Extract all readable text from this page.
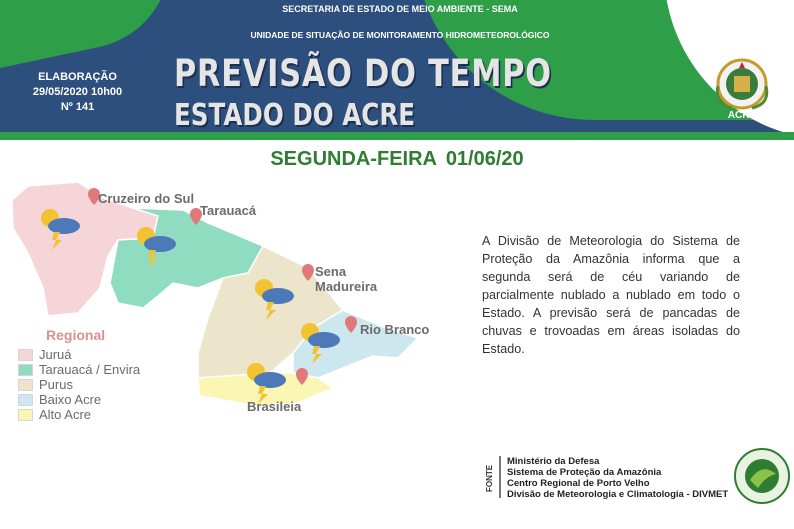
SECRETARIA DE ESTADO DE MEIO AMBIENTE - SEMA
UNIDADE DE SITUAÇÃO DE MONITORAMENTO HIDROMETEOROLÓGICO
PREVISÃO DO TEMPO
ESTADO DO ACRE
ELABORAÇÃO
29/05/2020 10h00
Nº 141
ACRE
SEGUNDA-FEIRA 01/06/20
Cruzeiro do Sul
Tarauacá
Sena
Madureira
Rio Branco
Brasileia
Regional
Juruá
Tarauacá / Envira
Purus
Baixo Acre
Alto Acre
A Divisão de Meteorologia do Sistema de Proteção da Amazônia informa que a segunda será de céu variando de parcialmente nublado a nublado em todo o Estado. A previsão será de pancadas de chuvas e trovoadas em áreas isoladas do Estado.
FONTE
Ministério da Defesa
Sistema de Proteção da Amazônia
Centro Regional de Porto Velho
Divisão de Meteorologia e Climatologia - DIVMET
